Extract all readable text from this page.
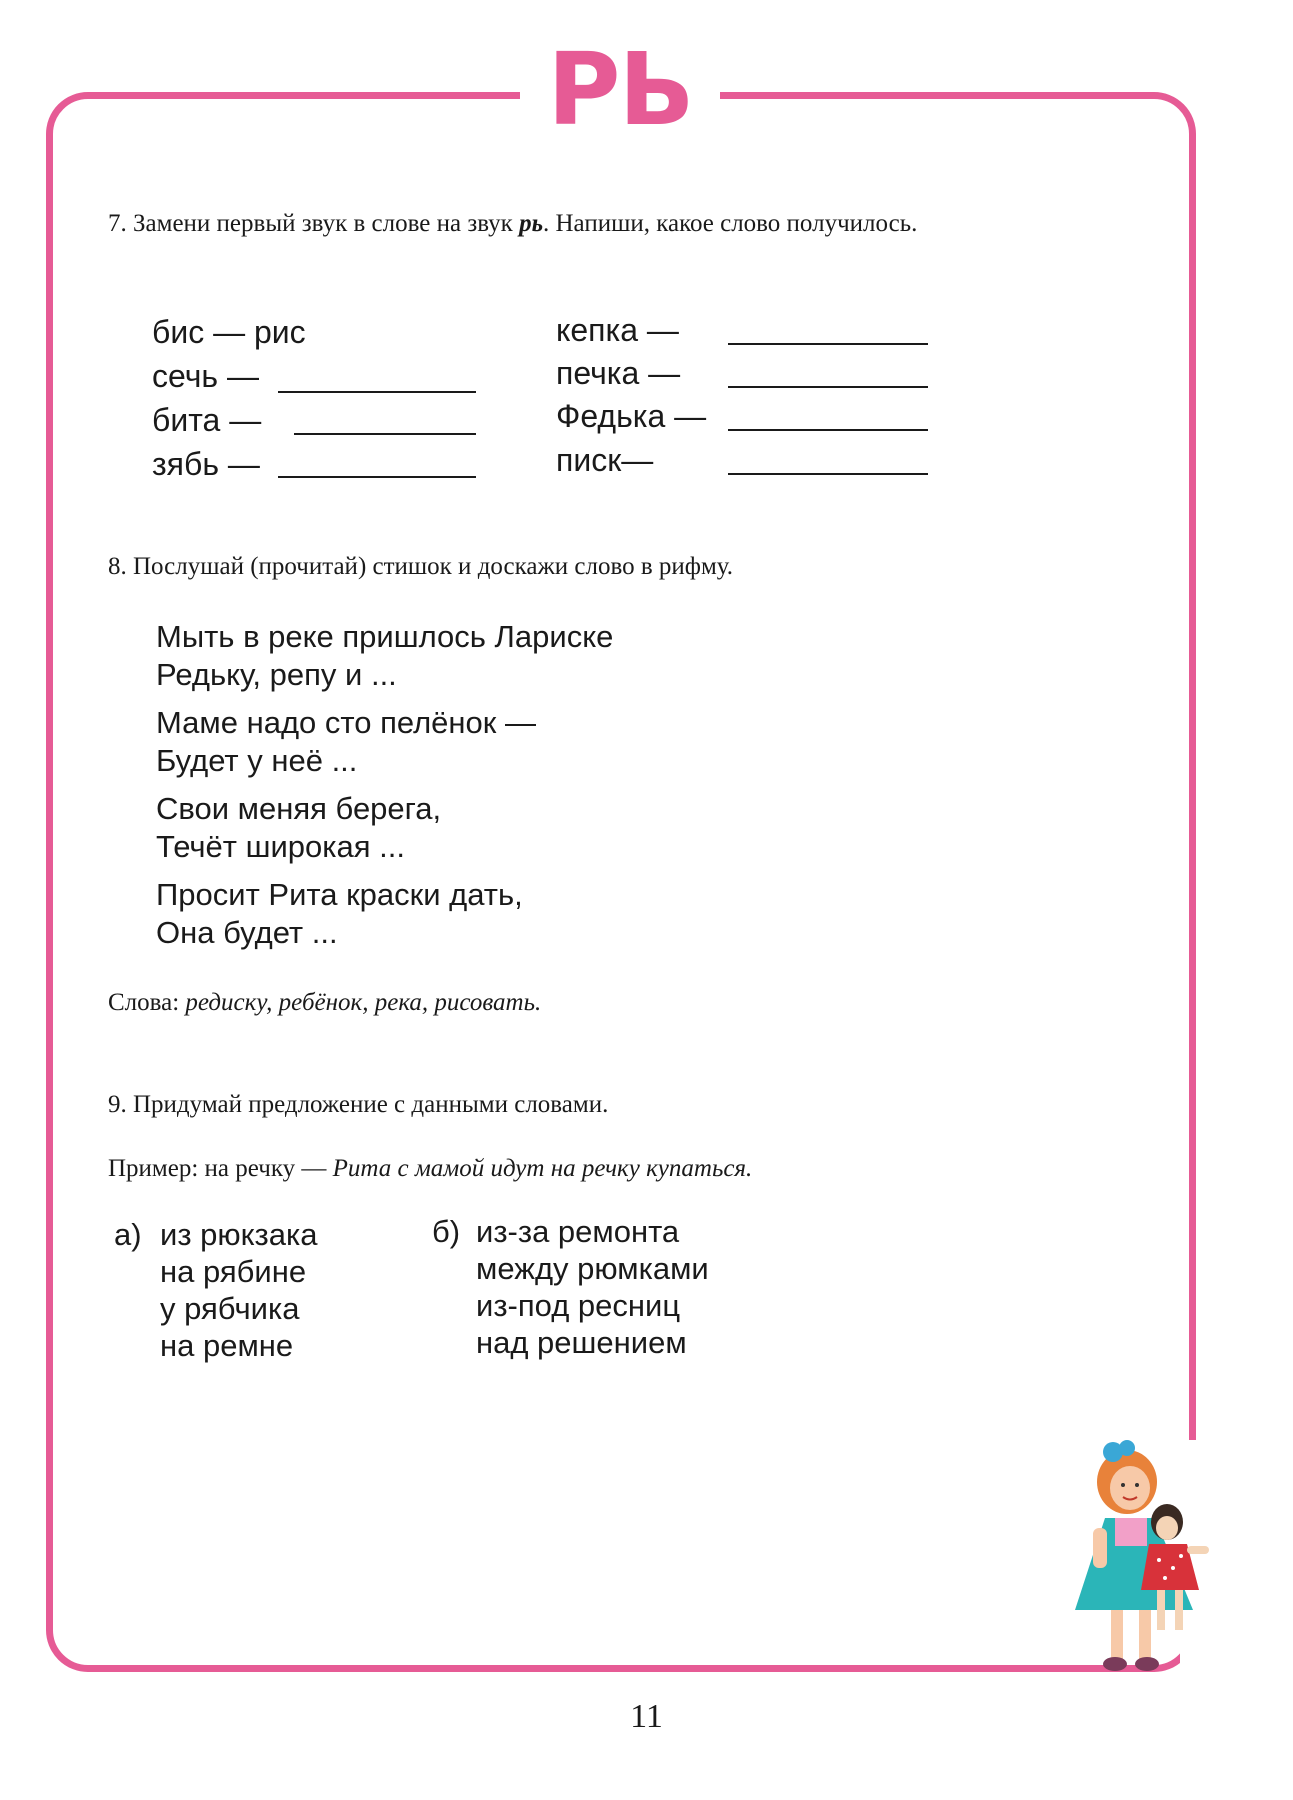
РЬ
7. Замени первый звук в слове на звук рь. Напиши, какое слово получилось.
бис — рис
сечь —
бита —
зябь —
кепка —
печка —
Федька —
писк—
8. Послушай (прочитай) стишок и доскажи слово в рифму.
Мыть в реке пришлось Лариске
Редьку, репу и ...
Маме надо сто пелёнок —
Будет у неё ...
Свои меняя берега,
Течёт широкая ...
Просит Рита краски дать,
Она будет ...
Слова: редиску, ребёнок, река, рисовать.
9. Придумай предложение с данными словами.
Пример: на речку — Рита с мамой идут на речку купаться.
а) из рюкзака
на рябине
у рябчика
на ремне
б) из-за ремонта
между рюмками
из-под ресниц
над решением
11
